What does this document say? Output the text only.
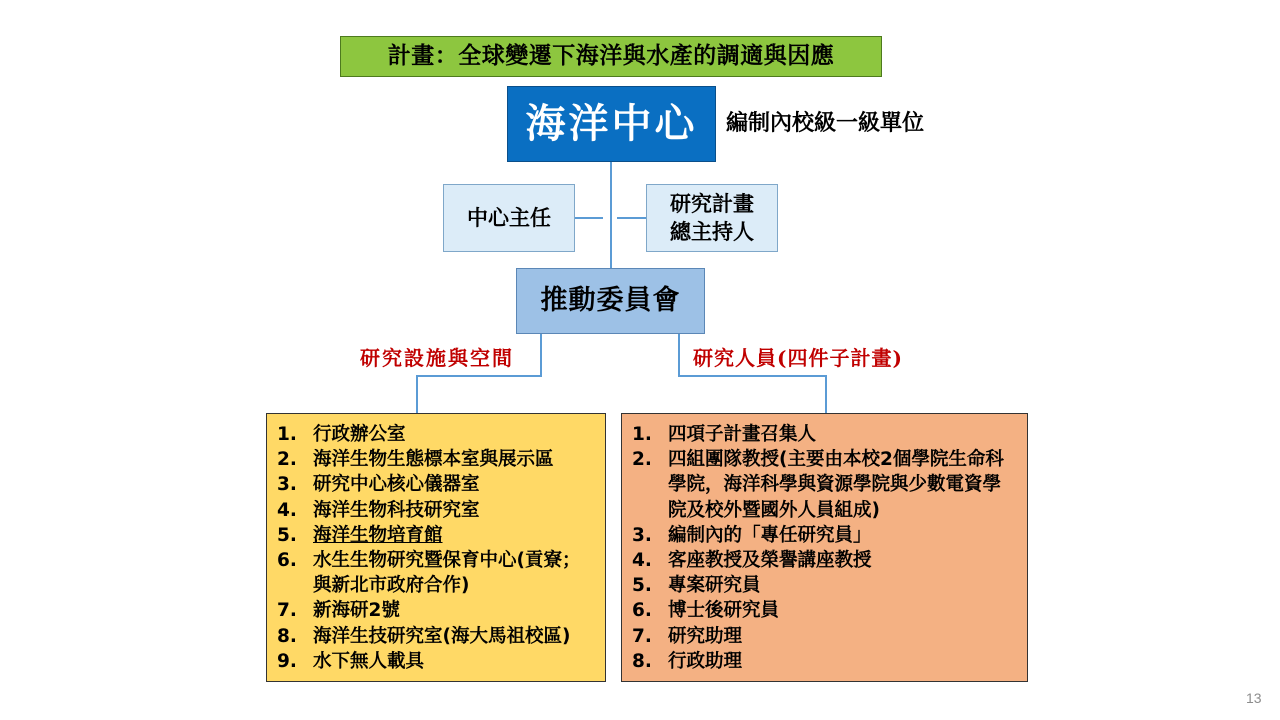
計畫：全球變遷下海洋與水產的調適與因應
海洋中心	編制內校級一級單位
中心主任
研究計畫
總主持人
推動委員會
研究設施與空間	研究人員(四件子計畫)
1. 行政辦公室
2. 海洋生物生態標本室與展示區
3. 研究中心核心儀器室
4. 海洋生物科技研究室
5. 海洋生物培育館
6. 水生生物研究暨保育中心(貢寮；與新北市政府合作)
7. 新海研2號
8. 海洋生技研究室(海大馬祖校區)
9. 水下無人載具
1. 四項子計畫召集人
2. 四組團隊教授(主要由本校2個學院生命科學院，海洋科學與資源學院與少數電資學院及校外暨國外人員組成)
3. 編制內的「專任研究員」
4. 客座教授及榮譽講座教授
5. 專案研究員
6. 博士後研究員
7. 研究助理
8. 行政助理
13
